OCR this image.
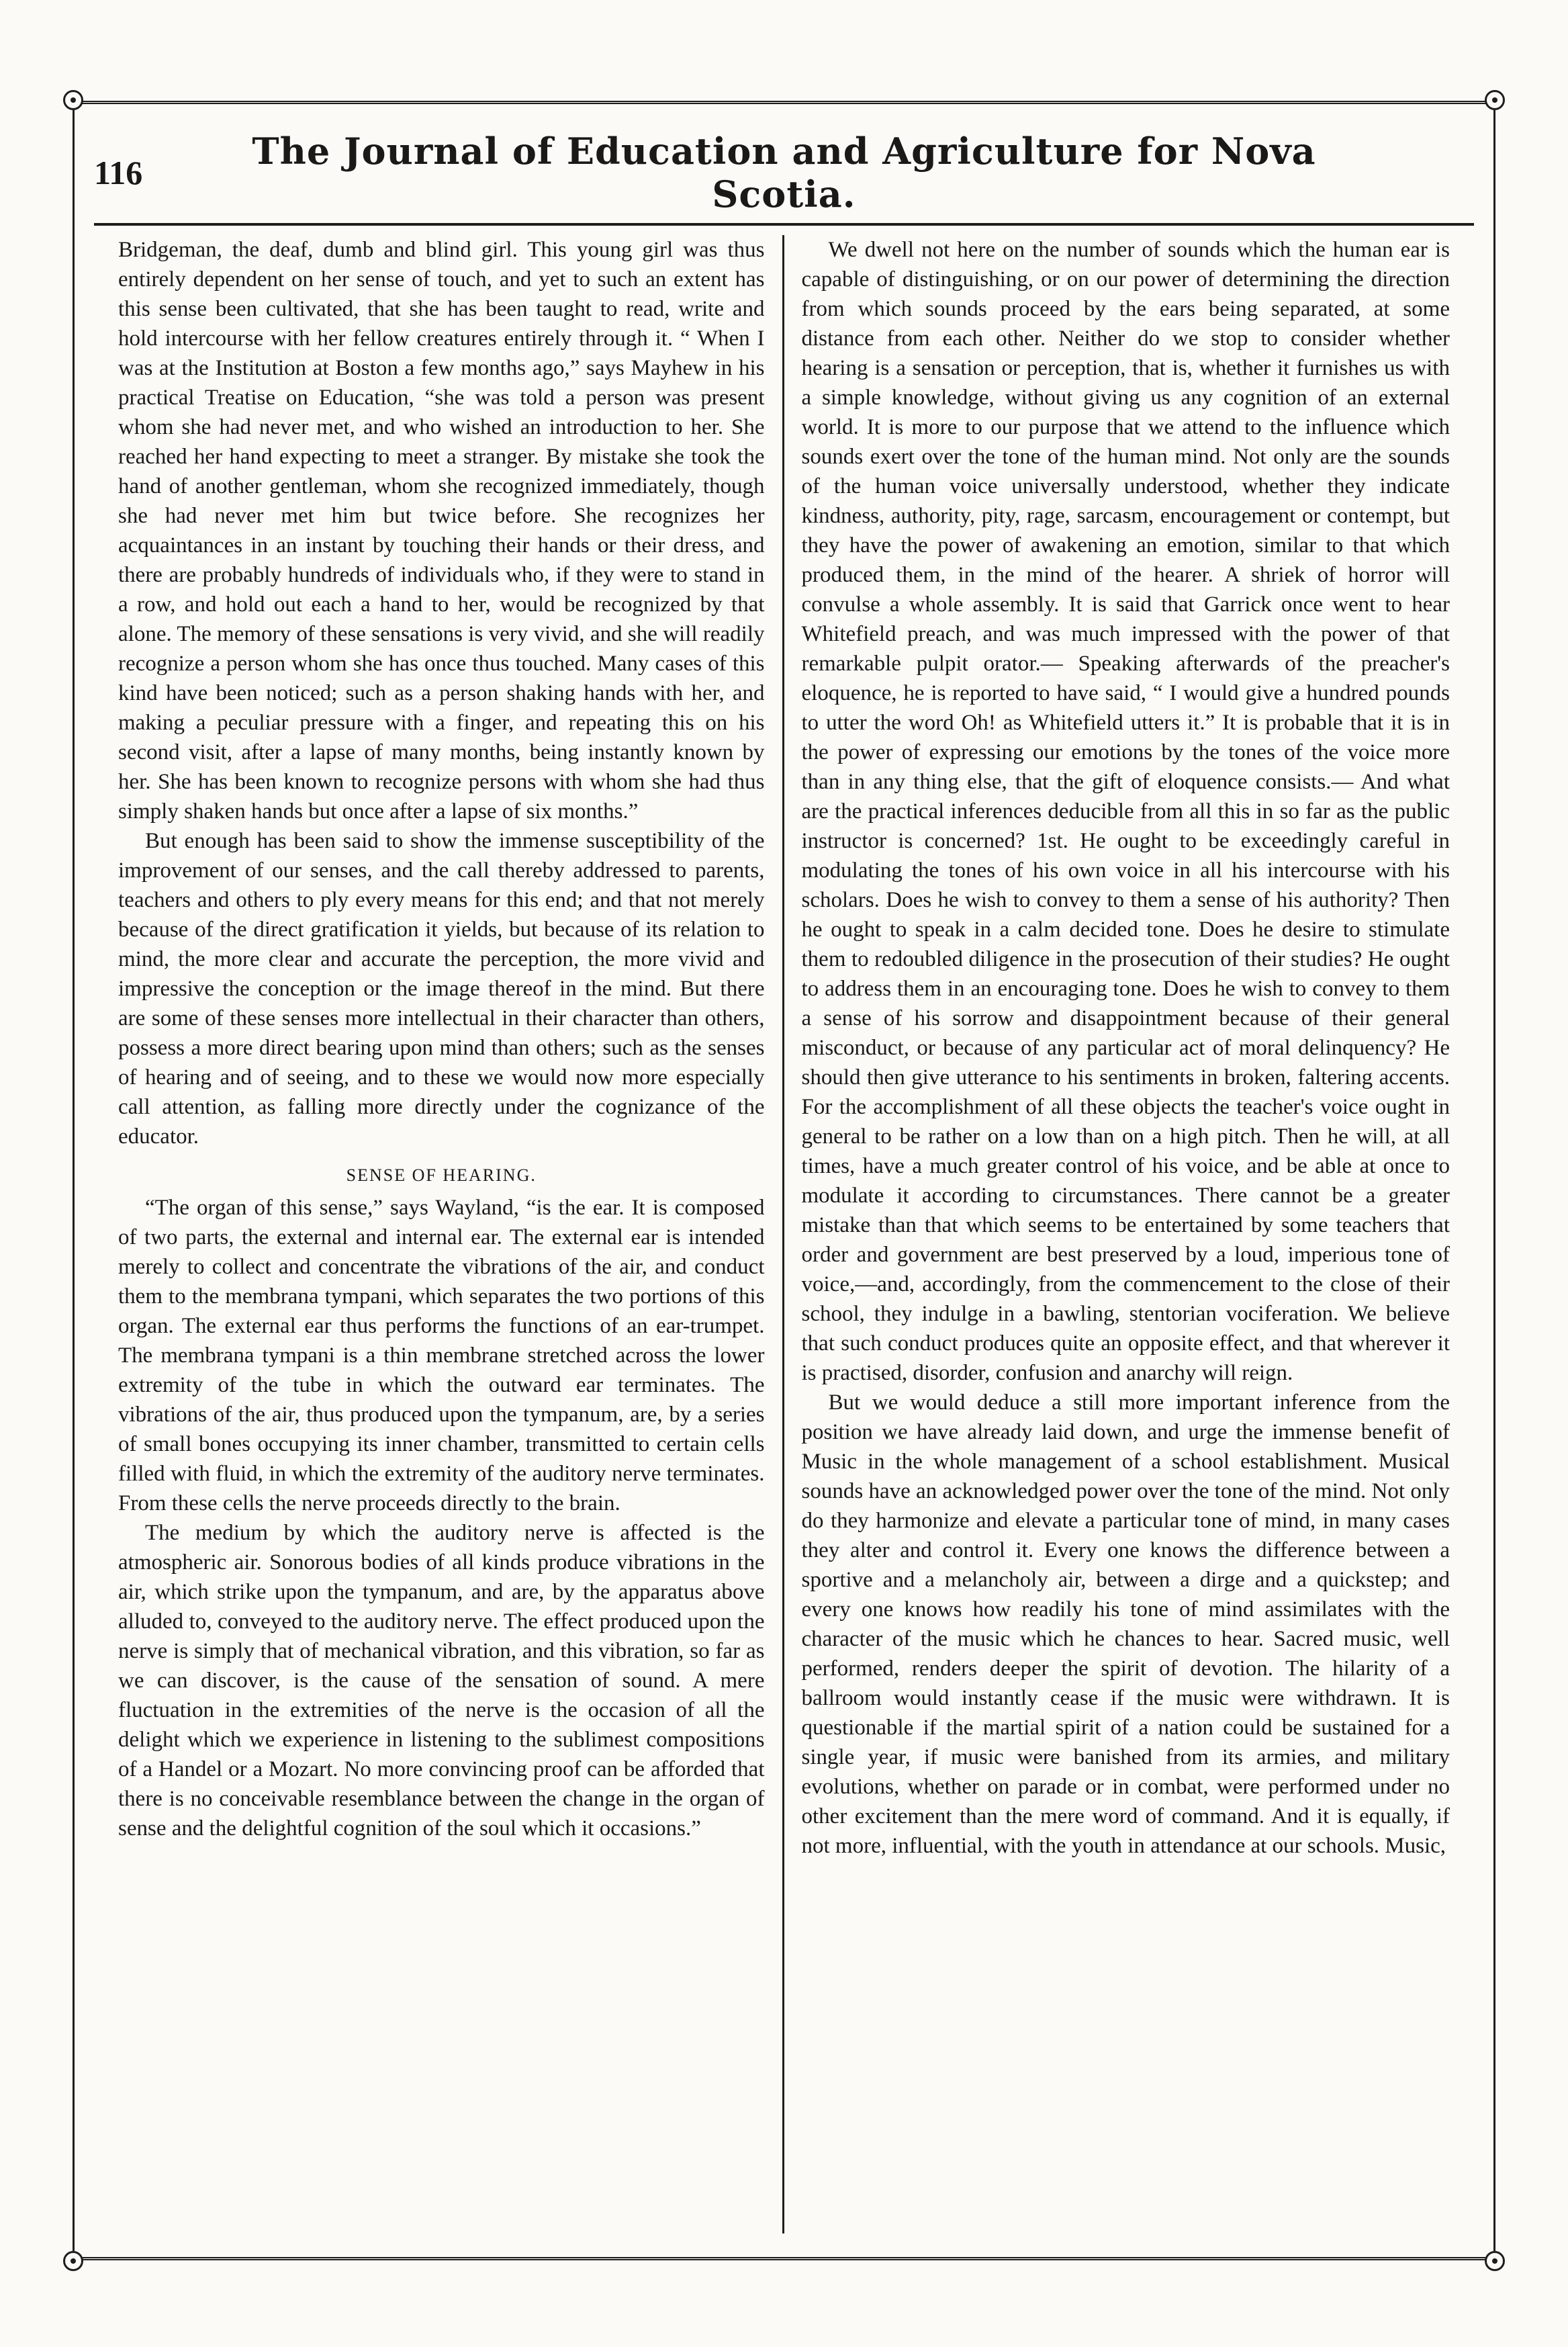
116	The Journal of Education and Agriculture for Nova Scotia.

Bridgeman, the deaf, dumb and blind girl. This young girl was thus entirely dependent on her sense of touch, and yet to such an extent has this sense been cultivated, that she has been taught to read, write and hold intercourse with her fellow creatures entirely through it. “ When I was at the Institution at Boston a few months ago,” says Mayhew in his practical Treatise on Education, “she was told a person was present whom she had never met, and who wished an introduction to her. She reached her hand expecting to meet a stranger. By mistake she took the hand of another gentleman, whom she recognized immediately, though she had never met him but twice before. She recognizes her acquaintances in an instant by touching their hands or their dress, and there are probably hundreds of individuals who, if they were to stand in a row, and hold out each a hand to her, would be recognized by that alone. The memory of these sensations is very vivid, and she will readily recognize a person whom she has once thus touched. Many cases of this kind have been noticed; such as a person shaking hands with her, and making a peculiar pressure with a finger, and repeating this on his second visit, after a lapse of many months, being instantly known by her. She has been known to recognize persons with whom she had thus simply shaken hands but once after a lapse of six months.”

But enough has been said to show the immense susceptibility of the improvement of our senses, and the call thereby addressed to parents, teachers and others to ply every means for this end; and that not merely because of the direct gratification it yields, but because of its relation to mind, the more clear and accurate the perception, the more vivid and impressive the conception or the image thereof in the mind. But there are some of these senses more intellectual in their character than others, possess a more direct bearing upon mind than others; such as the senses of hearing and of seeing, and to these we would now more especially call attention, as falling more directly under the cognizance of the educator.

SENSE OF HEARING.

“The organ of this sense,” says Wayland, “is the ear. It is composed of two parts, the external and internal ear. The external ear is intended merely to collect and concentrate the vibrations of the air, and conduct them to the membrana tympani, which separates the two portions of this organ. The external ear thus performs the functions of an ear-trumpet. The membrana tympani is a thin membrane stretched across the lower extremity of the tube in which the outward ear terminates. The vibrations of the air, thus produced upon the tympanum, are, by a series of small bones occupying its inner chamber, transmitted to certain cells filled with fluid, in which the extremity of the auditory nerve terminates. From these cells the nerve proceeds directly to the brain.

The medium by which the auditory nerve is affected is the atmospheric air. Sonorous bodies of all kinds produce vibrations in the air, which strike upon the tympanum, and are, by the apparatus above alluded to, conveyed to the auditory nerve. The effect produced upon the nerve is simply that of mechanical vibration, and this vibration, so far as we can discover, is the cause of the sensation of sound. A mere fluctuation in the extremities of the nerve is the occasion of all the delight which we experience in listening to the sublimest compositions of a Handel or a Mozart. No more convincing proof can be afforded that there is no conceivable resemblance between the change in the organ of sense and the delightful cognition of the soul which it occasions.”

We dwell not here on the number of sounds which the human ear is capable of distinguishing, or on our power of determining the direction from which sounds proceed by the ears being separated, at some distance from each other. Neither do we stop to consider whether hearing is a sensation or perception, that is, whether it furnishes us with a simple knowledge, without giving us any cognition of an external world. It is more to our purpose that we attend to the influence which sounds exert over the tone of the human mind. Not only are the sounds of the human voice universally understood, whether they indicate kindness, authority, pity, rage, sarcasm, encouragement or contempt, but they have the power of awakening an emotion, similar to that which produced them, in the mind of the hearer. A shriek of horror will convulse a whole assembly. It is said that Garrick once went to hear Whitefield preach, and was much impressed with the power of that remarkable pulpit orator.— Speaking afterwards of the preacher's eloquence, he is reported to have said, “ I would give a hundred pounds to utter the word Oh! as Whitefield utters it.” It is probable that it is in the power of expressing our emotions by the tones of the voice more than in any thing else, that the gift of eloquence consists.— And what are the practical inferences deducible from all this in so far as the public instructor is concerned? 1st. He ought to be exceedingly careful in modulating the tones of his own voice in all his intercourse with his scholars. Does he wish to convey to them a sense of his authority? Then he ought to speak in a calm decided tone. Does he desire to stimulate them to redoubled diligence in the prosecution of their studies? He ought to address them in an encouraging tone. Does he wish to convey to them a sense of his sorrow and disappointment because of their general misconduct, or because of any particular act of moral delinquency? He should then give utterance to his sentiments in broken, faltering accents. For the accomplishment of all these objects the teacher's voice ought in general to be rather on a low than on a high pitch. Then he will, at all times, have a much greater control of his voice, and be able at once to modulate it according to circumstances. There cannot be a greater mistake than that which seems to be entertained by some teachers that order and government are best preserved by a loud, imperious tone of voice,—and, accordingly, from the commencement to the close of their school, they indulge in a bawling, stentorian vociferation. We believe that such conduct produces quite an opposite effect, and that wherever it is practised, disorder, confusion and anarchy will reign.

But we would deduce a still more important inference from the position we have already laid down, and urge the immense benefit of Music in the whole management of a school establishment. Musical sounds have an acknowledged power over the tone of the mind. Not only do they harmonize and elevate a particular tone of mind, in many cases they alter and control it. Every one knows the difference between a sportive and a melancholy air, between a dirge and a quickstep; and every one knows how readily his tone of mind assimilates with the character of the music which he chances to hear. Sacred music, well performed, renders deeper the spirit of devotion. The hilarity of a ballroom would instantly cease if the music were withdrawn. It is questionable if the martial spirit of a nation could be sustained for a single year, if music were banished from its armies, and military evolutions, whether on parade or in combat, were performed under no other excitement than the mere word of command. And it is equally, if not more, influential, with the youth in attendance at our schools. Music,
